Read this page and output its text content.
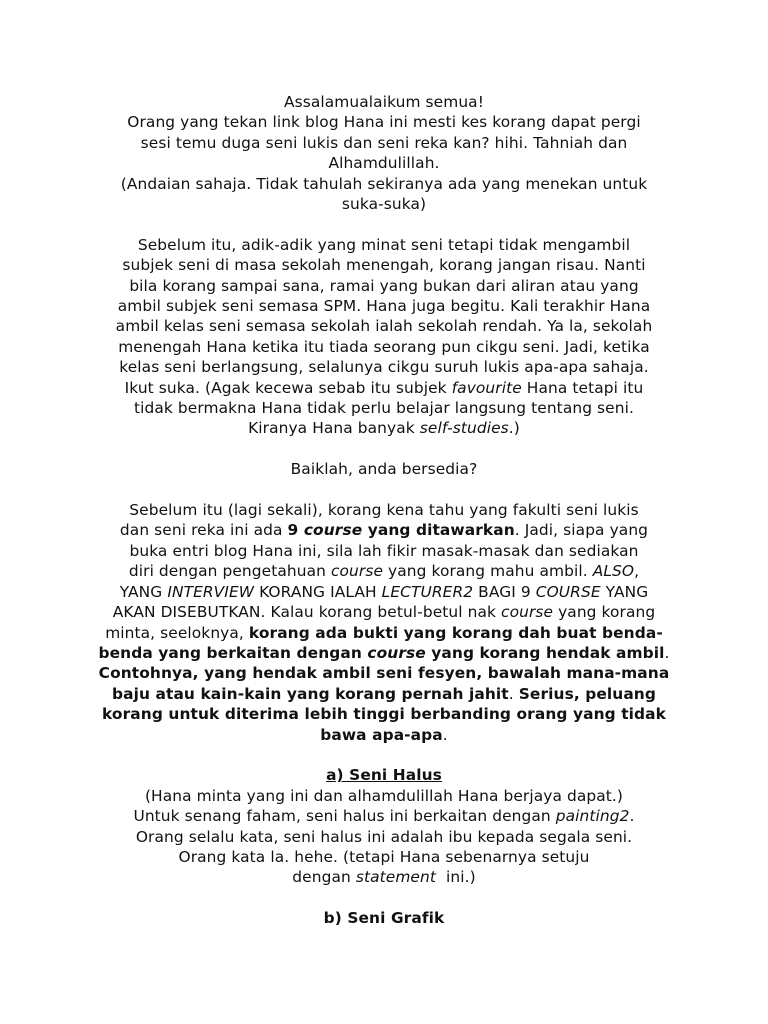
Assalamualaikum semua!
Orang yang tekan link blog Hana ini mesti kes korang dapat pergi
sesi temu duga seni lukis dan seni reka kan? hihi. Tahniah dan
Alhamdulillah.
(Andaian sahaja. Tidak tahulah sekiranya ada yang menekan untuk
suka-suka)

Sebelum itu, adik-adik yang minat seni tetapi tidak mengambil
subjek seni di masa sekolah menengah, korang jangan risau. Nanti
bila korang sampai sana, ramai yang bukan dari aliran atau yang
ambil subjek seni semasa SPM. Hana juga begitu. Kali terakhir Hana
ambil kelas seni semasa sekolah ialah sekolah rendah. Ya la, sekolah
menengah Hana ketika itu tiada seorang pun cikgu seni. Jadi, ketika
kelas seni berlangsung, selalunya cikgu suruh lukis apa-apa sahaja.
Ikut suka. (Agak kecewa sebab itu subjek favourite Hana tetapi itu
tidak bermakna Hana tidak perlu belajar langsung tentang seni.
Kiranya Hana banyak self-studies.)

Baiklah, anda bersedia?

Sebelum itu (lagi sekali), korang kena tahu yang fakulti seni lukis
dan seni reka ini ada 9 course yang ditawarkan. Jadi, siapa yang
buka entri blog Hana ini, sila lah fikir masak-masak dan sediakan
diri dengan pengetahuan course yang korang mahu ambil. ALSO,
YANG INTERVIEW KORANG IALAH LECTURER2 BAGI 9 COURSE YANG
AKAN DISEBUTKAN. Kalau korang betul-betul nak course yang korang
minta, seeloknya, korang ada bukti yang korang dah buat benda-
benda yang berkaitan dengan course yang korang hendak ambil.
Contohnya, yang hendak ambil seni fesyen, bawalah mana-mana
baju atau kain-kain yang korang pernah jahit. Serius, peluang
korang untuk diterima lebih tinggi berbanding orang yang tidak
bawa apa-apa.

a) Seni Halus
(Hana minta yang ini dan alhamdulillah Hana berjaya dapat.)
Untuk senang faham, seni halus ini berkaitan dengan painting2.
Orang selalu kata, seni halus ini adalah ibu kepada segala seni.
Orang kata la. hehe. (tetapi Hana sebenarnya setuju
dengan statement  ini.)

b) Seni Grafik
